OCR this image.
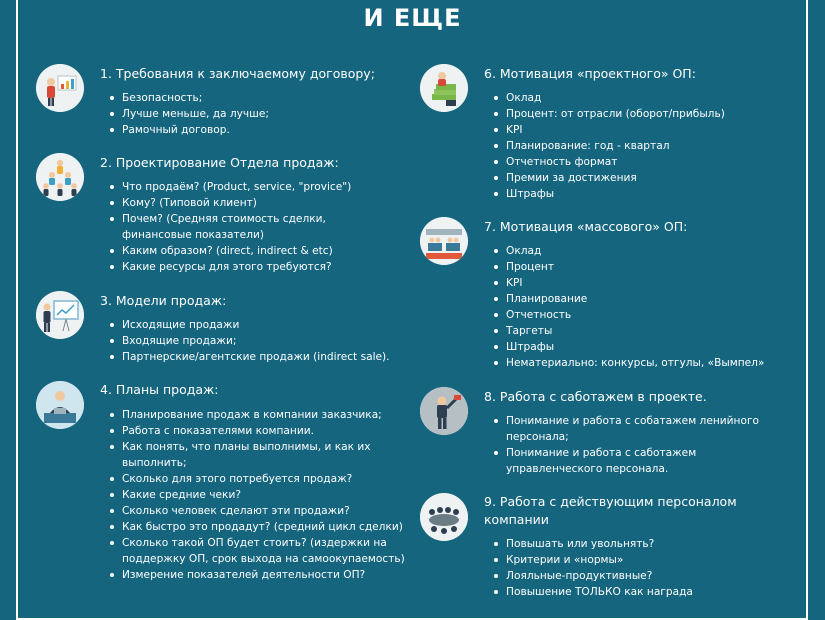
И ЕЩЕ
1. Требования к заключаемому договору;
Безопасность;
Лучше меньше, да лучше;
Рамочный договор.
2. Проектирование Отдела продаж:
Что продаём? (Product, service, "provice")
Кому? (Типовой клиент)
Почем? (Средняя стоимость сделки, финансовые показатели)
Каким образом? (direct, indirect & etc)
Какие ресурсы для этого требуются?
3. Модели продаж:
Исходящие продажи
Входящие продажи;
Партнерские/агентские продажи (indirect sale).
4. Планы продаж:
Планирование продаж в компании заказчика;
Работа с показателями компании.
Как понять, что планы выполнимы, и как их выполнить;
Сколько для этого потребуется продаж?
Какие средние чеки?
Сколько человек сделают эти продажи?
Как быстро это продадут? (средний цикл сделки)
Сколько такой ОП будет стоить? (издержки на поддержку ОП, срок выхода на самоокупаемость)
Измерение показателей деятельности ОП?
6. Мотивация «проектного» ОП:
Оклад
Процент: от отрасли (оборот/прибыль)
KPI
Планирование: год - квартал
Отчетность формат
Премии за достижения
Штрафы
7. Мотивация «массового» ОП:
Оклад
Процент
KPI
Планирование
Отчетность
Таргеты
Штрафы
Нематериально: конкурсы, отгулы, «Вымпел»
8. Работа с саботажем в проекте.
Понимание и работа с собатажем ленийного персонала;
Понимание и работа с саботажем управленческого персонала.
9. Работа с действующим персоналом компании
Повышать или увольнять?
Критерии и «нормы»
Лояльные-продуктивные?
Повышение ТОЛЬКО как награда
